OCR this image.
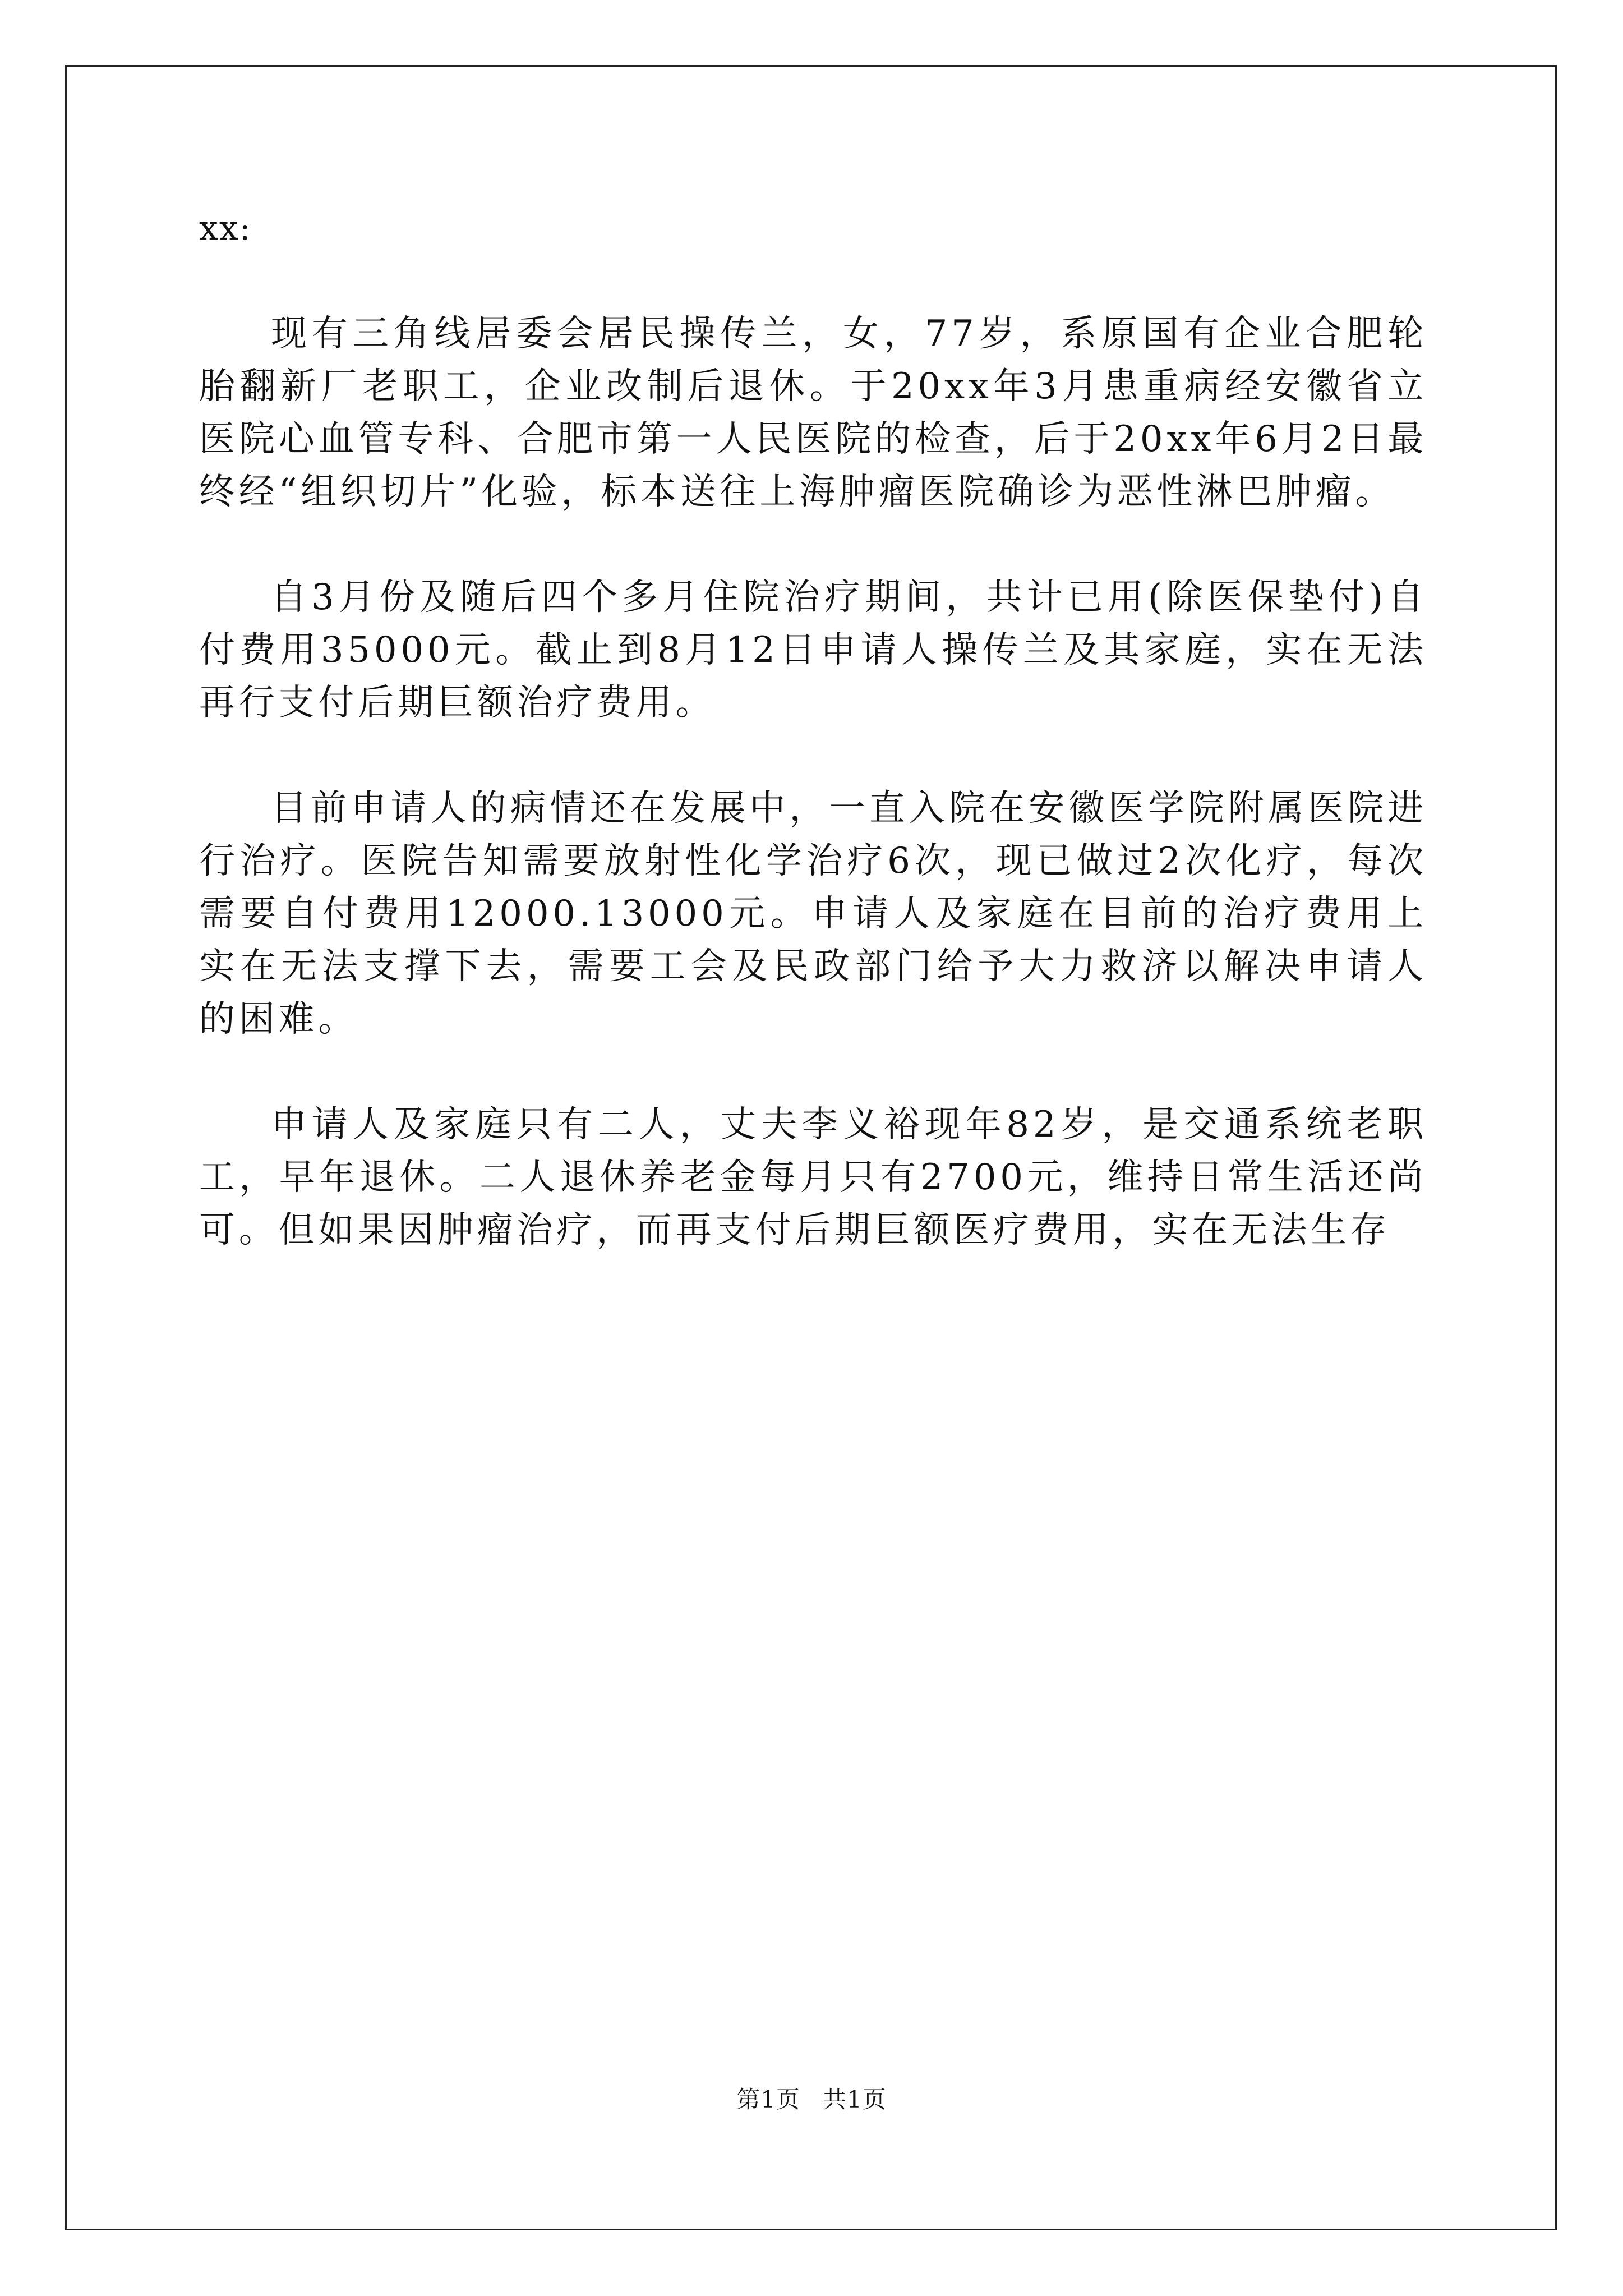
xx:

现有三角线居委会居民操传兰，女，77岁，系原国有企业合肥轮胎翻新厂老职工，企业改制后退休。于20xx年3月患重病经安徽省立医院心血管专科、合肥市第一人民医院的检查，后于20xx年6月2日最终经“组织切片”化验，标本送往上海肿瘤医院确诊为恶性淋巴肿瘤。

自3月份及随后四个多月住院治疗期间，共计已用(除医保垫付)自付费用35000元。截止到8月12日申请人操传兰及其家庭，实在无法再行支付后期巨额治疗费用。

目前申请人的病情还在发展中，一直入院在安徽医学院附属医院进行治疗。医院告知需要放射性化学治疗6次，现已做过2次化疗，每次需要自付费用12000.13000元。申请人及家庭在目前的治疗费用上实在无法支撑下去，需要工会及民政部门给予大力救济以解决申请人的困难。

申请人及家庭只有二人，丈夫李义裕现年82岁，是交通系统老职工，早年退休。二人退休养老金每月只有2700元，维持日常生活还尚可。但如果因肿瘤治疗，而再支付后期巨额医疗费用，实在无法生存

第1页 共1页
